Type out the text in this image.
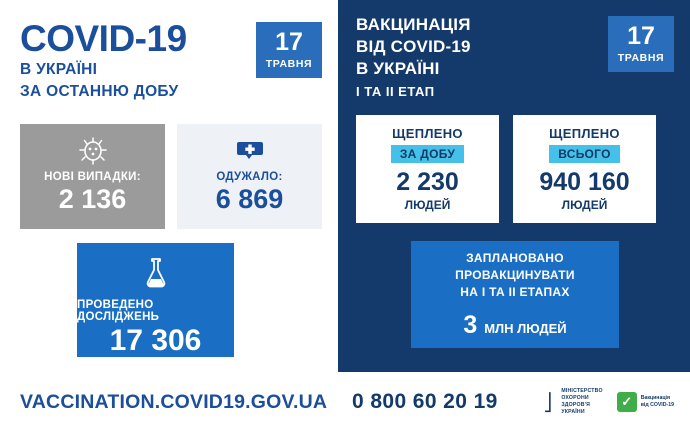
COVID-19
В УКРАЇНІ
ЗА ОСТАННЮ ДОБУ
17
ТРАВНЯ
НОВІ ВИПАДКИ:
2 136
ОДУЖАЛО:
6 869
ПРОВЕДЕНО ДОСЛІДЖЕНЬ
17 306
ВАКЦИНАЦІЯ
ВІД COVID-19
В УКРАЇНІ
I ТА II ЕТАП
17
ТРАВНЯ
ЩЕПЛЕНО
ЗА ДОБУ
2 230
ЛЮДЕЙ
ЩЕПЛЕНО
ВСЬОГО
940 160
ЛЮДЕЙ
ЗАПЛАНОВАНО
ПРОВАКЦИНУВАТИ
НА I ТА II ЕТАПАХ
3 МЛН ЛЮДЕЙ
VACCINATION.COVID19.GOV.UA	0 800 60 20 19	⎦
МІНІСТЕРСТВО
ОХОРОНИ
ЗДОРОВ'Я
УКРАЇНИ
✓	Вакцинація
від COVID-19
